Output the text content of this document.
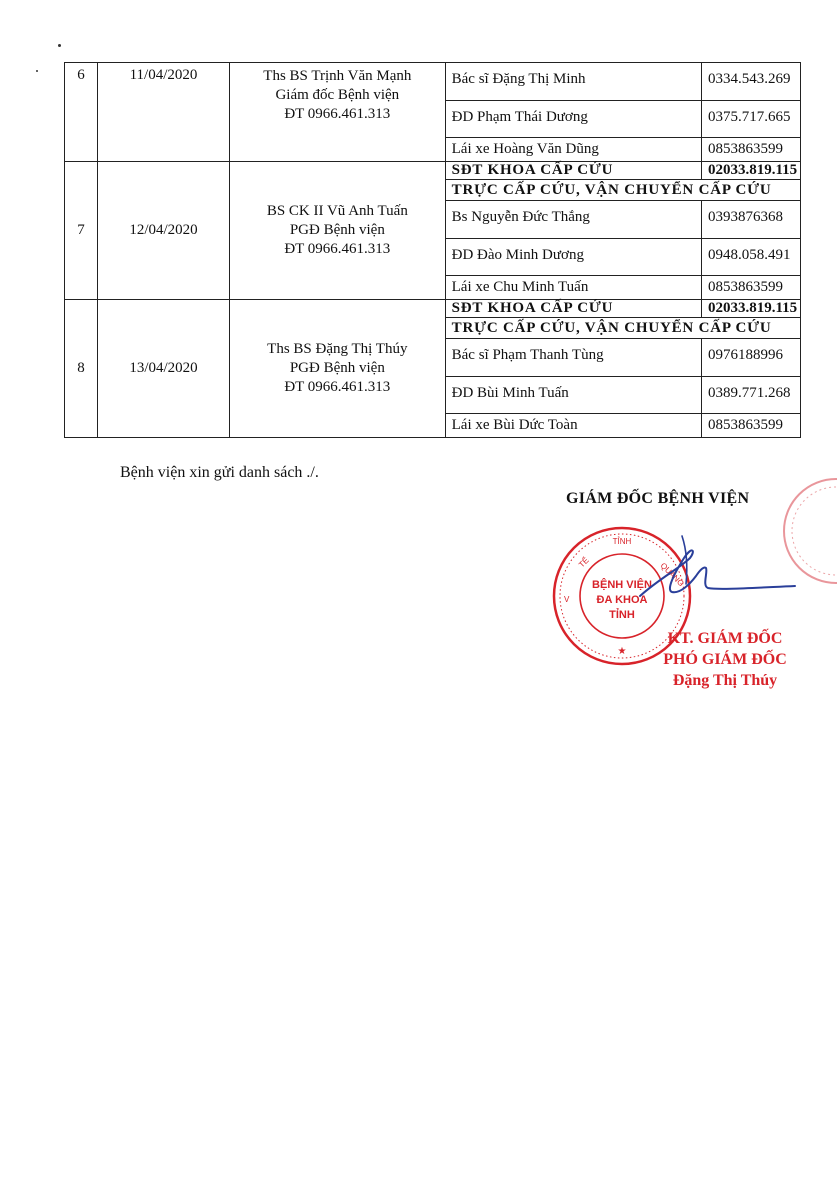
6	11/04/2020	Ths BS Trịnh Văn Mạnh
Giám đốc Bệnh viện
ĐT 0966.461.313	Bác sĩ Đặng Thị Minh	0334.543.269
			ĐD Phạm Thái Dương	0375.717.665
			Lái xe Hoàng Văn Dũng	0853863599
7	12/04/2020	BS CK II Vũ Anh Tuấn
PGĐ Bệnh viện
ĐT 0966.461.313	SĐT KHOA CẤP CỨU	02033.819.115
			TRỰC CẤP CỨU, VẬN CHUYỂN CẤP CỨU	
			Bs Nguyễn Đức Thắng	0393876368
			ĐD Đào Minh Dương	0948.058.491
			Lái xe Chu Minh Tuấn	0853863599
8	13/04/2020	Ths BS Đặng Thị Thúy
PGĐ Bệnh viện
ĐT 0966.461.313	SĐT KHOA CẤP CỨU	02033.819.115
			TRỰC CẤP CỨU, VẬN CHUYỂN CẤP CỨU	
			Bác sĩ Phạm Thanh Tùng	0976188996
			ĐD Bùi Minh Tuấn	0389.771.268
			Lái xe Bùi Dức Toàn	0853863599
Bệnh viện xin gửi danh sách ./.
GIÁM ĐỐC BỆNH VIỆN
TỈNH
TẾ	QUẢNG
V
★
BỆNH VIỆN
ĐA KHOA
TỈNH
KT. GIÁM ĐỐC
PHÓ GIÁM ĐỐC
Đặng Thị Thúy
